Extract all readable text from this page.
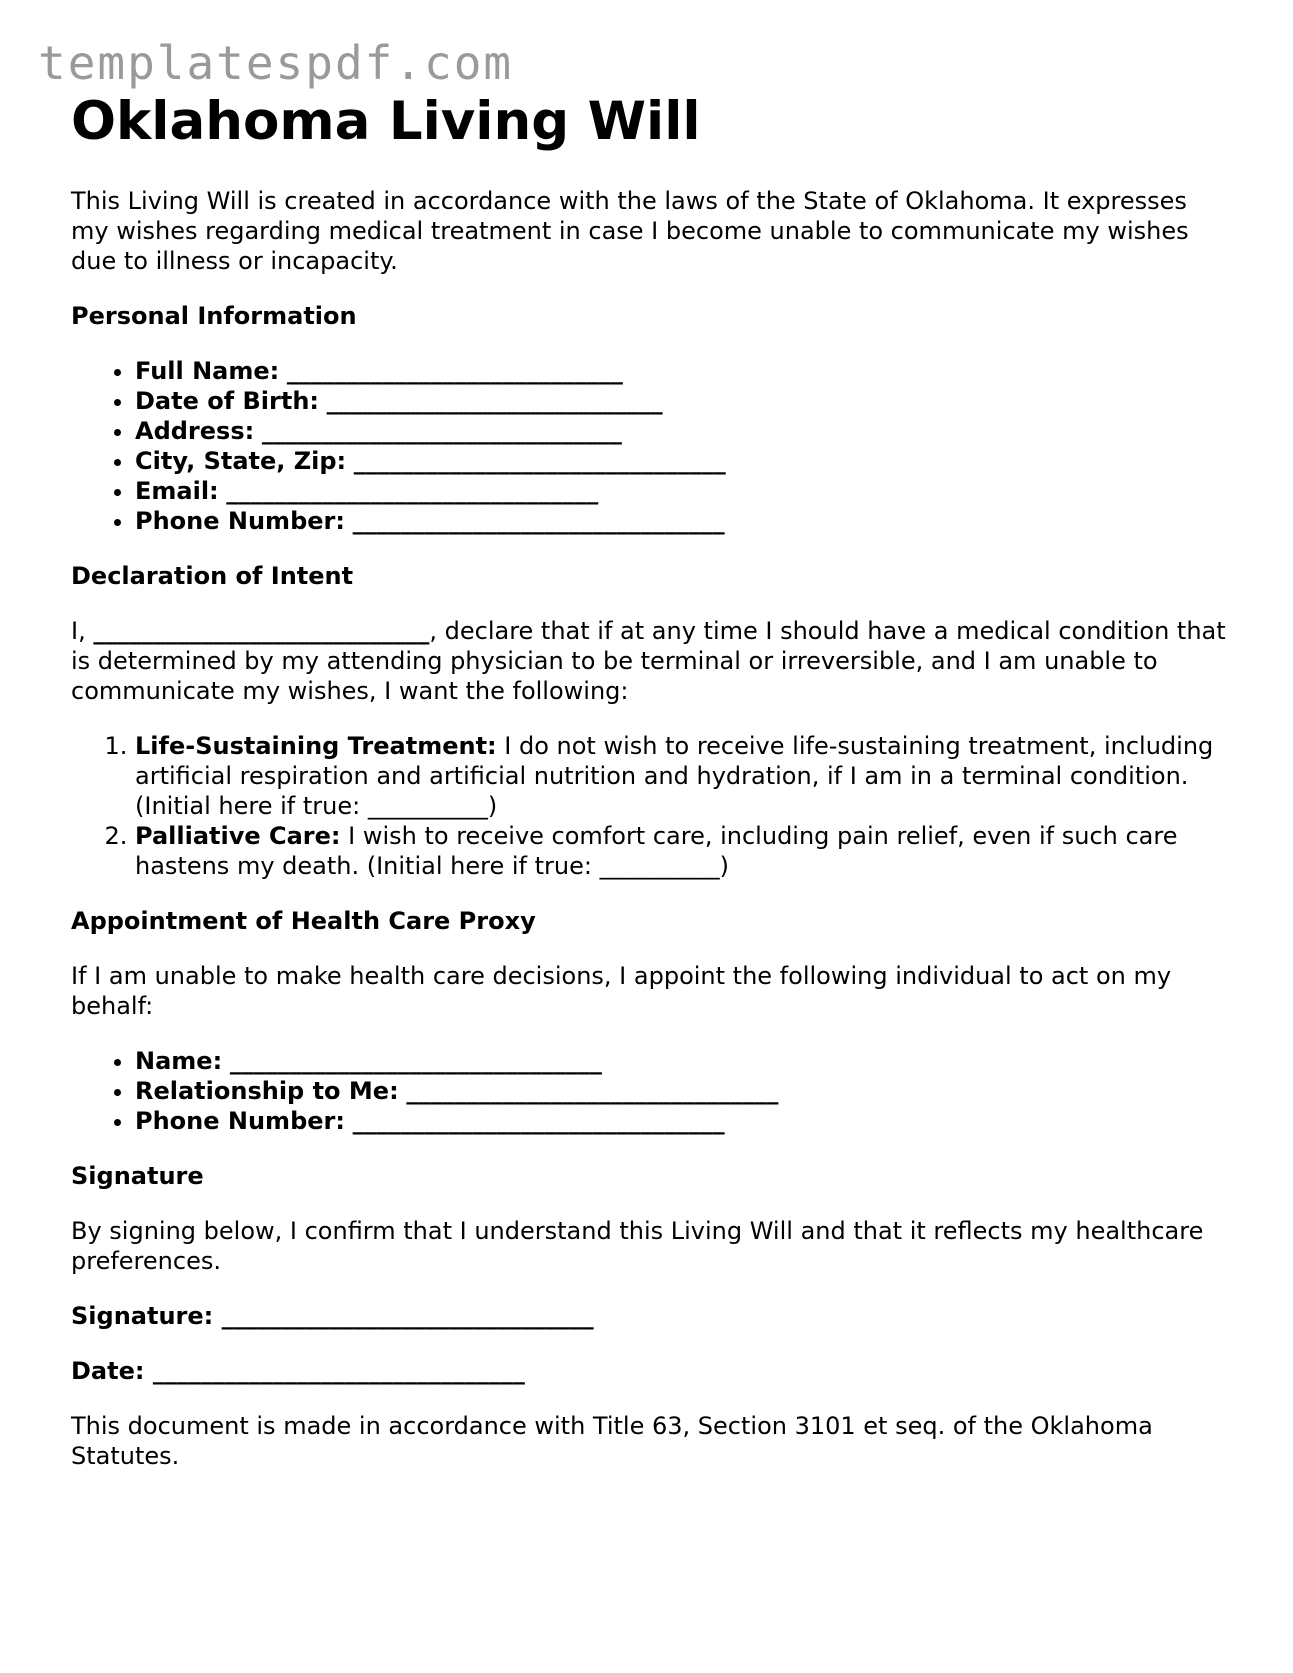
templatespdf.com
Oklahoma Living Will

This Living Will is created in accordance with the laws of the State of Oklahoma. It expresses my wishes regarding medical treatment in case I become unable to communicate my wishes due to illness or incapacity.

Personal Information
• Full Name: ____________________________
• Date of Birth: ____________________________
• Address: ______________________________
• City, State, Zip: _______________________________
• Email: _______________________________
• Phone Number: _______________________________
Declaration of Intent

I, ____________________________, declare that if at any time I should have a medical condition that is determined by my attending physician to be terminal or irreversible, and I am unable to communicate my wishes, I want the following:

1. Life-Sustaining Treatment: I do not wish to receive life-sustaining treatment, including artificial respiration and artificial nutrition and hydration, if I am in a terminal condition. (Initial here if true: __________)
2. Palliative Care: I wish to receive comfort care, including pain relief, even if such care hastens my death. (Initial here if true: __________)
Appointment of Health Care Proxy

If I am unable to make health care decisions, I appoint the following individual to act on my behalf:

• Name: _______________________________
• Relationship to Me: _______________________________
• Phone Number: _______________________________
Signature

By signing below, I confirm that I understand this Living Will and that it reflects my healthcare preferences.

Signature: _______________________________

Date: _______________________________

This document is made in accordance with Title 63, Section 3101 et seq. of the Oklahoma Statutes.
